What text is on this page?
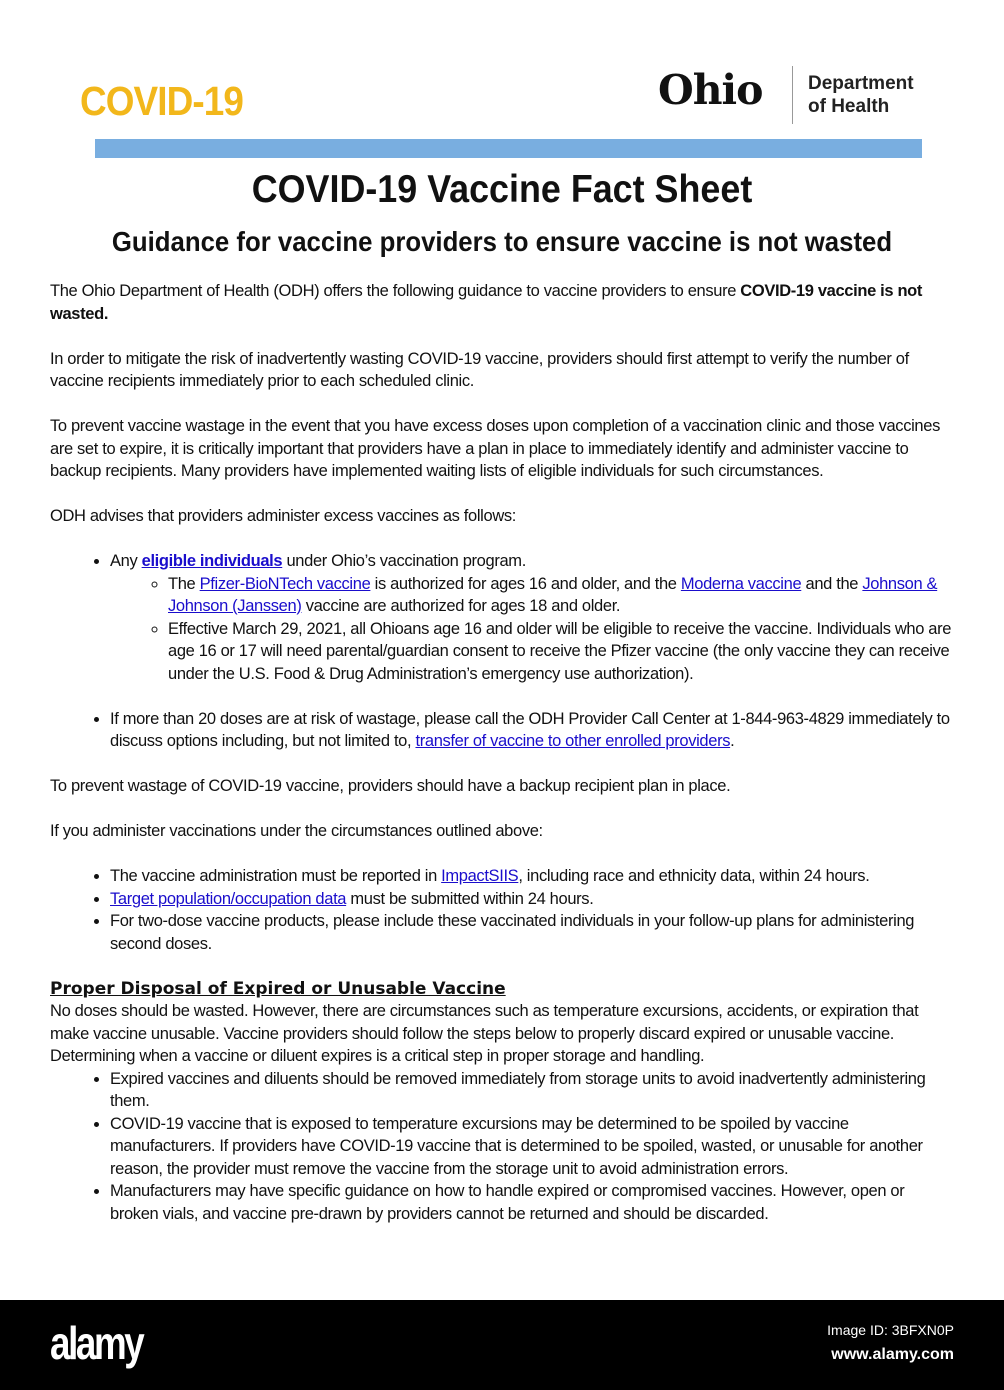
COVID-19	Ohio Department
of Health
COVID-19 Vaccine Fact Sheet
Guidance for vaccine providers to ensure vaccine is not wasted

The Ohio Department of Health (ODH) offers the following guidance to vaccine providers to ensure COVID-19 vaccine is not wasted.

In order to mitigate the risk of inadvertently wasting COVID-19 vaccine, providers should first attempt to verify the number of vaccine recipients immediately prior to each scheduled clinic.

To prevent vaccine wastage in the event that you have excess doses upon completion of a vaccination clinic and those vaccines are set to expire, it is critically important that providers have a plan in place to immediately identify and administer vaccine to backup recipients. Many providers have implemented waiting lists of eligible individuals for such circumstances.

ODH advises that providers administer excess vaccines as follows:

• Any eligible individuals under Ohio’s vaccination program.
◦ The Pfizer-BioNTech vaccine is authorized for ages 16 and older, and the Moderna vaccine and the Johnson & Johnson (Janssen) vaccine are authorized for ages 18 and older.
◦ Effective March 29, 2021, all Ohioans age 16 and older will be eligible to receive the vaccine. Individuals who are age 16 or 17 will need parental/guardian consent to receive the Pfizer vaccine (the only vaccine they can receive under the U.S. Food & Drug Administration’s emergency use authorization).
• If more than 20 doses are at risk of wastage, please call the ODH Provider Call Center at 1-844-963-4829 immediately to discuss options including, but not limited to, transfer of vaccine to other enrolled providers.

To prevent wastage of COVID-19 vaccine, providers should have a backup recipient plan in place.

If you administer vaccinations under the circumstances outlined above:

• The vaccine administration must be reported in ImpactSIIS, including race and ethnicity data, within 24 hours.
• Target population/occupation data must be submitted within 24 hours.
• For two-dose vaccine products, please include these vaccinated individuals in your follow-up plans for administering second doses.
Proper Disposal of Expired or Unusable Vaccine

No doses should be wasted. However, there are circumstances such as temperature excursions, accidents, or expiration that make vaccine unusable. Vaccine providers should follow the steps below to properly discard expired or unusable vaccine. Determining when a vaccine or diluent expires is a critical step in proper storage and handling.

• Expired vaccines and diluents should be removed immediately from storage units to avoid inadvertently administering them.
• COVID-19 vaccine that is exposed to temperature excursions may be determined to be spoiled by vaccine manufacturers. If providers have COVID-19 vaccine that is determined to be spoiled, wasted, or unusable for another reason, the provider must remove the vaccine from the storage unit to avoid administration errors.
• Manufacturers may have specific guidance on how to handle expired or compromised vaccines. However, open or broken vials, and vaccine pre-drawn by providers cannot be returned and should be discarded.
alamy	Image ID: 3BFXN0P
www.alamy.com
